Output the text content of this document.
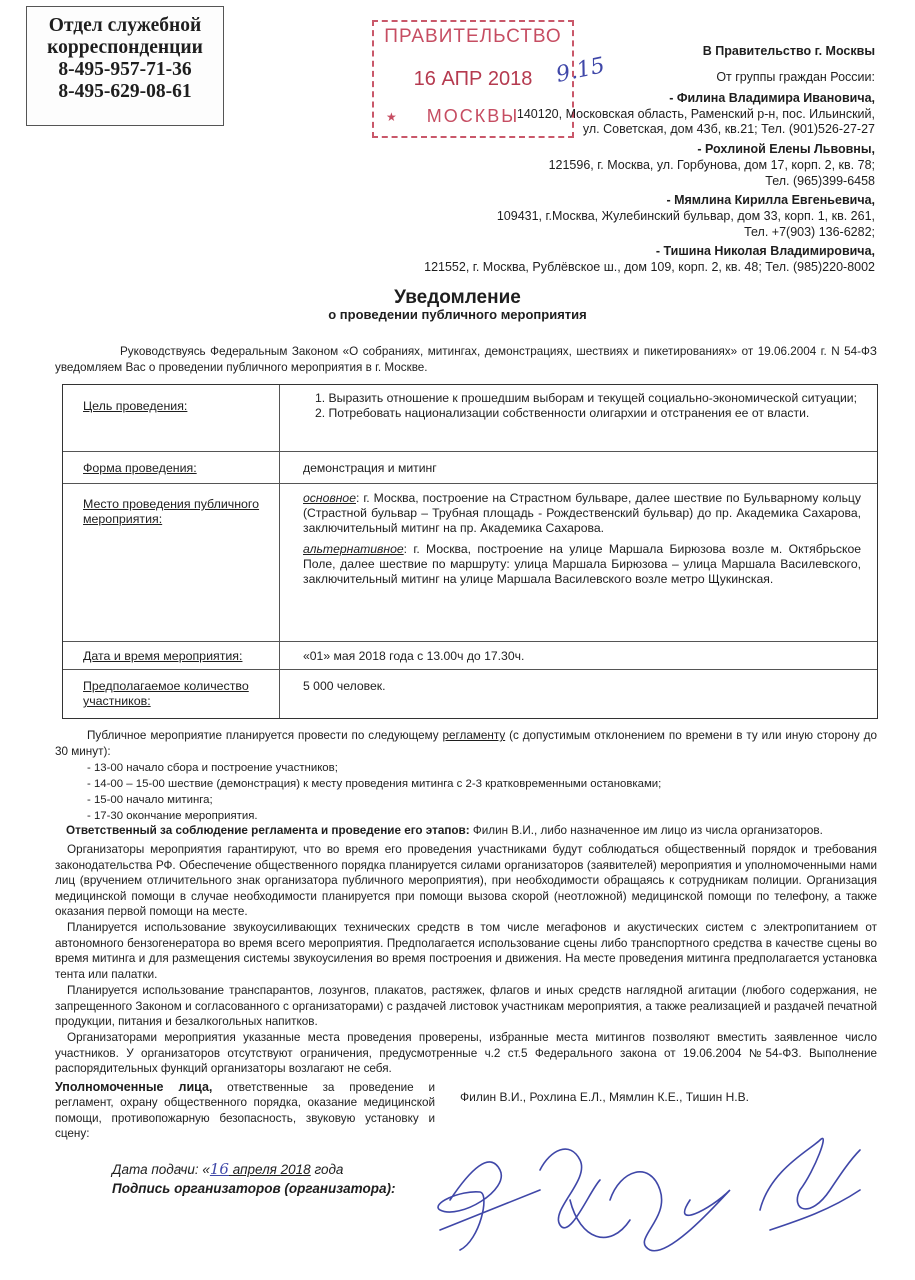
Отдел служебной
корреспонденции
8-495-957-71-36
8-495-629-08-61
ПРАВИТЕЛЬСТВО
16 АПР 2018
★	МОСКВЫ
9.15
В Правительство г. Москвы
От группы граждан России:
- Филина Владимира Ивановича,
140120, Московская область, Раменский р-н, пос. Ильинский,
ул. Советская, дом 43б, кв.21; Тел. (901)526-27-27
- Рохлиной Елены Львовны,
121596, г. Москва, ул. Горбунова, дом 17, корп. 2, кв. 78;
Тел. (965)399-6458
- Мямлина Кирилла Евгеньевича,
109431, г.Москва, Жулебинский бульвар, дом 33, корп. 1, кв. 261,
Тел. +7(903) 136-6282;
- Тишина Николая Владимировича,
121552, г. Москва, Рублёвское ш., дом 109, корп. 2, кв. 48; Тел. (985)220-8002
Уведомление
о проведении публичного мероприятия
Руководствуясь Федеральным Законом «О собраниях, митингах, демонстрациях, шествиях и пикетированиях» от 19.06.2004 г. N 54-ФЗ уведомляем Вас о проведении публичного мероприятия в г. Москве.
Цель проведения:
1. Выразить отношение к прошедшим выборам и текущей социально-экономической ситуации;
2. Потребовать национализации собственности олигархии и отстранения ее от власти.
Форма проведения:	демонстрация и митинг
Место проведения публичного мероприятия:
основное: г. Москва, построение на Страстном бульваре, далее шествие по Бульварному кольцу (Страстной бульвар – Трубная площадь - Рождественский бульвар) до пр. Академика Сахарова, заключительный митинг на пр. Академика Сахарова.
альтернативное: г. Москва, построение на улице Маршала Бирюзова возле м. Октябрьское Поле, далее шествие по маршруту: улица Маршала Бирюзова – улица Маршала Василевского, заключительный митинг на улице Маршала Василевского возле метро Щукинская.
Дата и время мероприятия:	«01» мая 2018 года с 13.00ч до 17.30ч.
Предполагаемое количество участников:
5 000 человек.
Публичное мероприятие планируется провести по следующему регламенту (с допустимым отклонением по времени в ту или иную сторону до 30 минут):
- 13-00 начало сбора и построение участников;
- 14-00 – 15-00 шествие (демонстрация) к месту проведения митинга с 2-3 кратковременными остановками;
- 15-00 начало митинга;
- 17-30 окончание мероприятия.
Ответственный за соблюдение регламента и проведение его этапов: Филин В.И., либо назначенное им лицо из числа организаторов.
Организаторы мероприятия гарантируют, что во время его проведения участниками будут соблюдаться общественный порядок и требования законодательства РФ. Обеспечение общественного порядка планируется силами организаторов (заявителей) мероприятия и уполномоченными нами лиц (вручением отличительного знак организатора публичного мероприятия), при необходимости обращаясь к сотрудникам полиции. Организация медицинской помощи в случае необходимости планируется при помощи вызова скорой (неотложной) медицинской помощи по телефону, а также оказания первой помощи на месте.
Планируется использование звукоусиливающих технических средств в том числе мегафонов и акустических систем с электропитанием от автономного бензогенератора во время всего мероприятия. Предполагается использование сцены либо транспортного средства в качестве сцены во время митинга и для размещения системы звукоусиления во время построения и движения. На месте проведения митинга предполагается установка тента или палатки.
Планируется использование транспарантов, лозунгов, плакатов, растяжек, флагов и иных средств наглядной агитации (любого содержания, не запрещенного Законом и согласованного с организаторами) с раздачей листовок участникам мероприятия, а также реализацией и раздачей печатной продукции, питания и безалкогольных напитков.
Организаторами мероприятия указанные места проведения проверены, избранные места митингов позволяют вместить заявленное число участников. У организаторов отсутствуют ограничения, предусмотренные ч.2 ст.5 Федерального закона от 19.06.2004 №54-ФЗ. Выполнение распорядительных функций организаторы возлагают не себя.
Уполномоченные лица, ответственные за проведение и регламент, охрану общественного порядка, оказание медицинской помощи, противопожарную безопасность, звуковую установку и сцену:
Филин В.И., Рохлина Е.Л., Мямлин К.Е., Тишин Н.В.
Дата подачи: «16 апреля 2018 года
Подпись организаторов (организатора):
